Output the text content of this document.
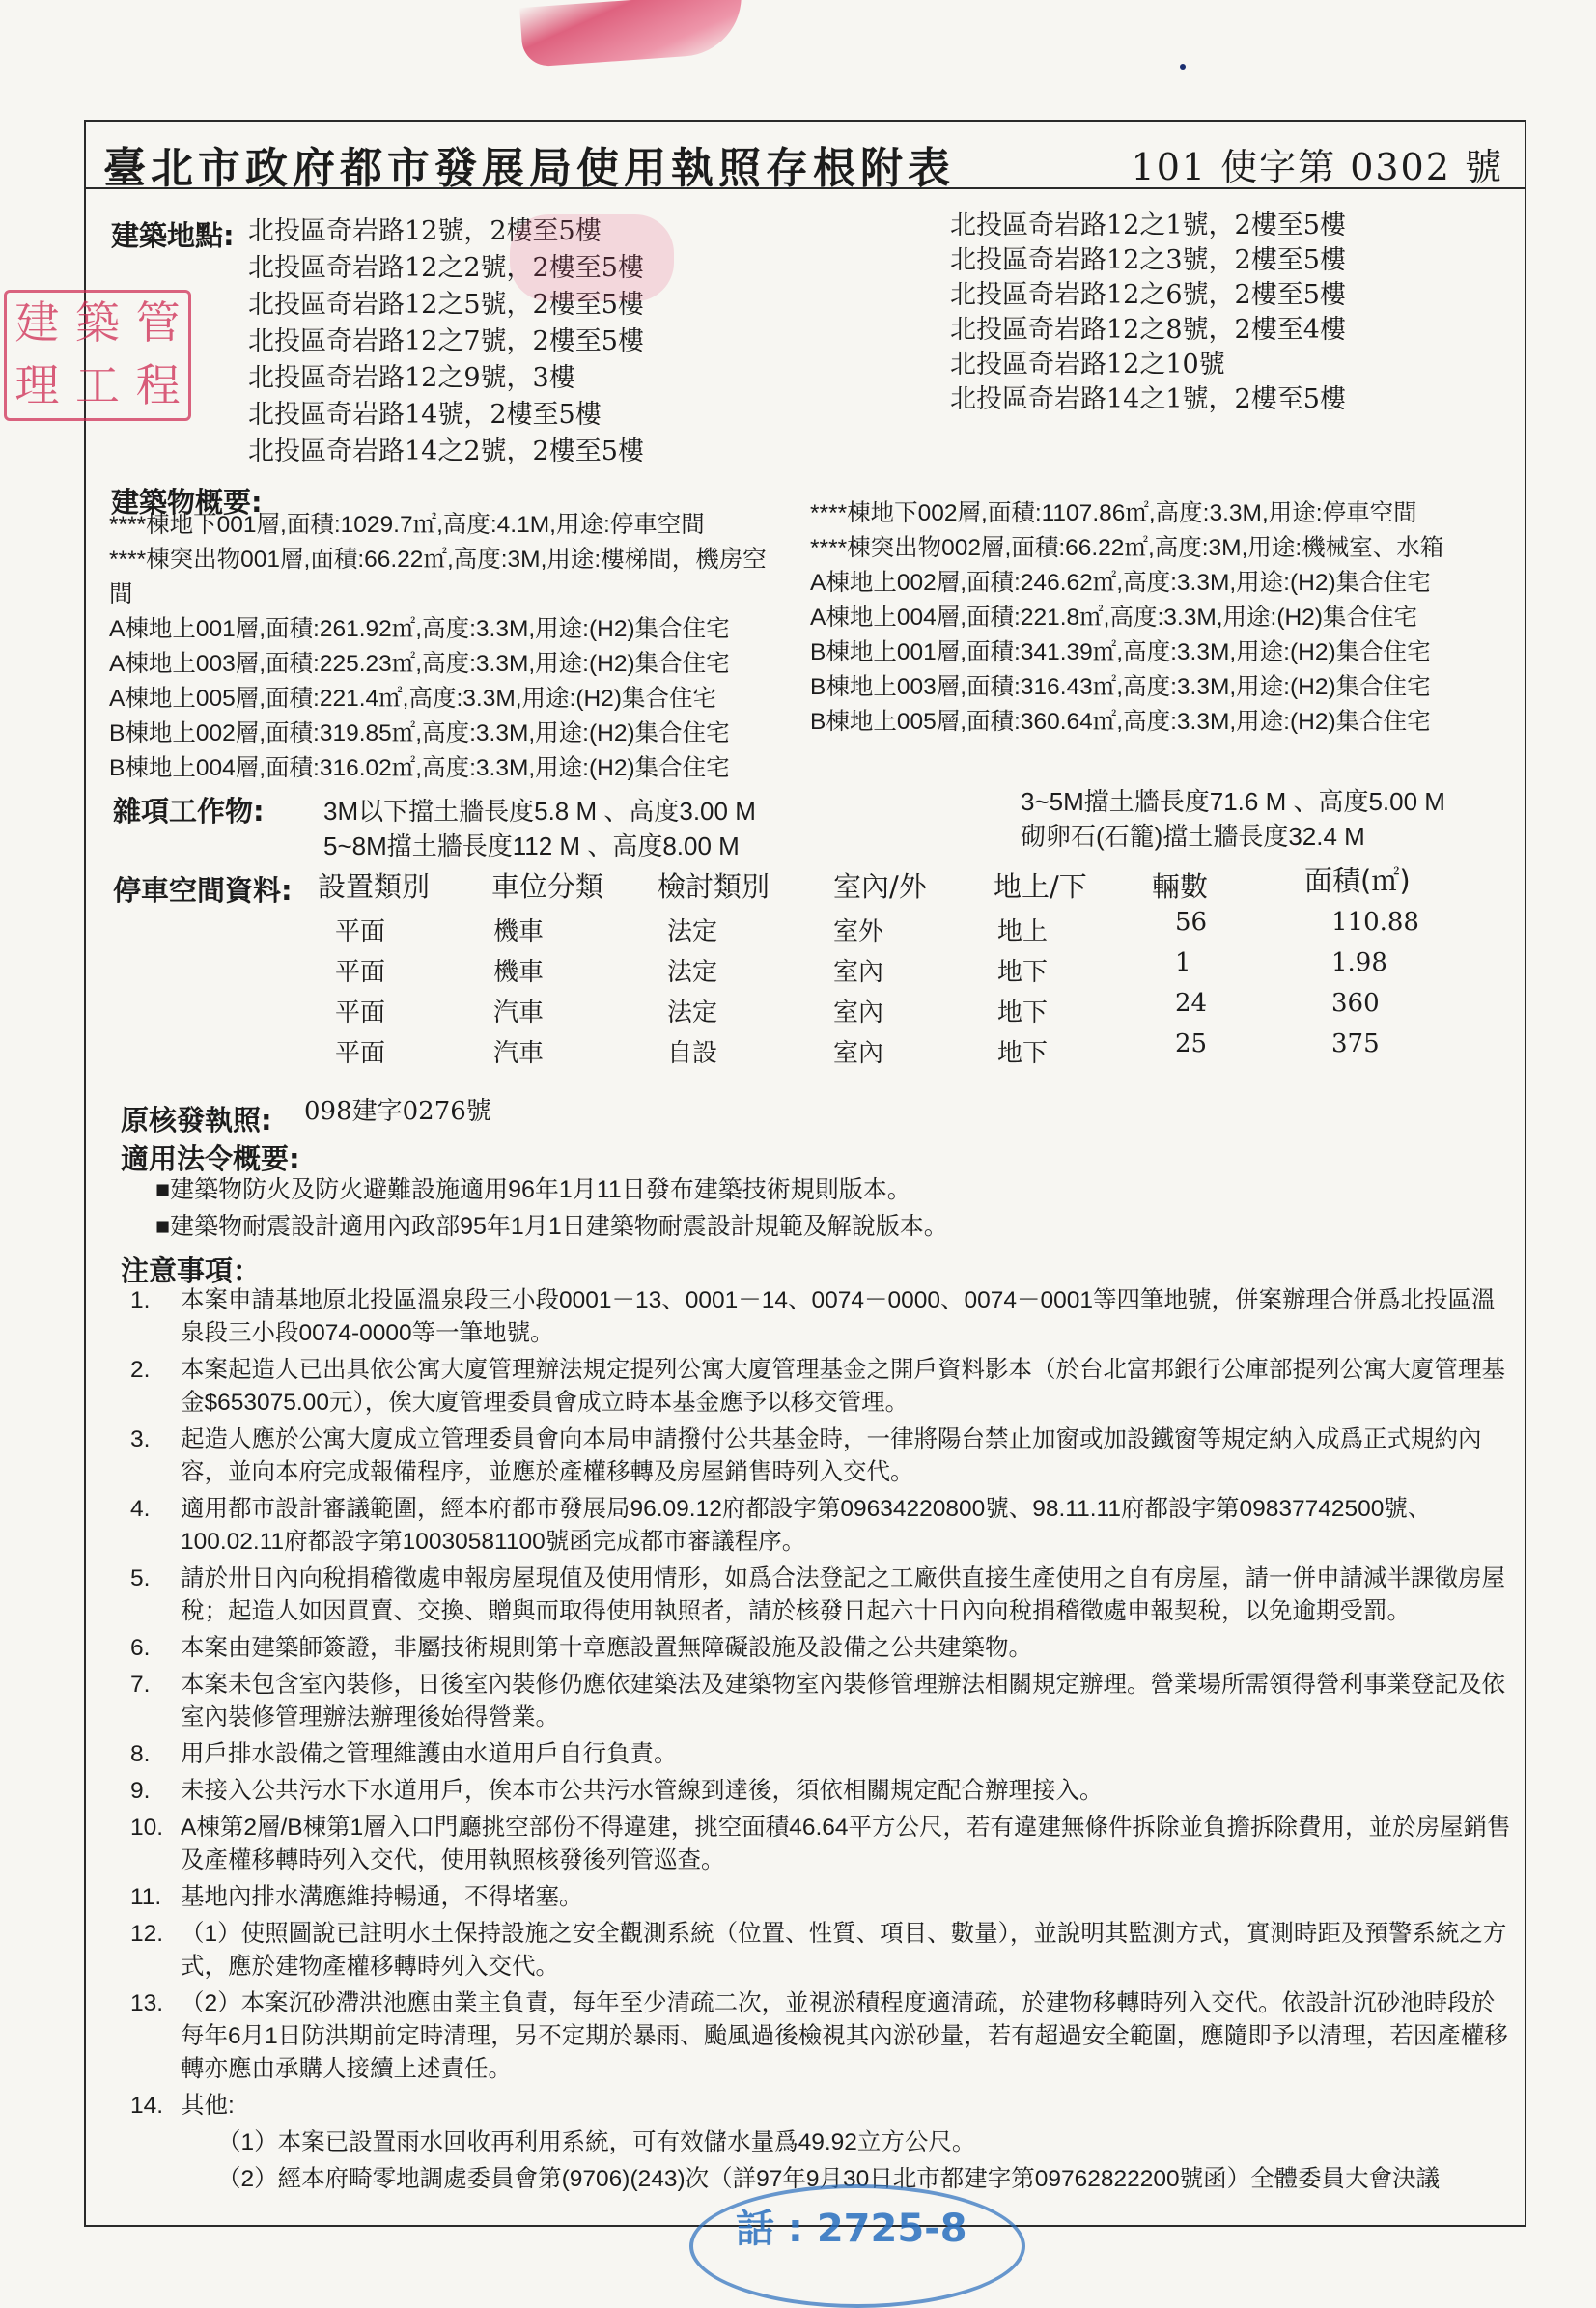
臺北市政府都市發展局使用執照存根附表	101 使字第 0302 號
建築地點: 北投區奇岩路12號，2樓至5樓
北投區奇岩路12之2號，2樓至5樓
北投區奇岩路12之5號，2樓至5樓
北投區奇岩路12之7號，2樓至5樓
北投區奇岩路12之9號，3樓
北投區奇岩路14號，2樓至5樓
北投區奇岩路14之2號，2樓至5樓
北投區奇岩路12之1號，2樓至5樓
北投區奇岩路12之3號，2樓至5樓
北投區奇岩路12之6號，2樓至5樓
北投區奇岩路12之8號，2樓至4樓
北投區奇岩路12之10號
北投區奇岩路14之1號，2樓至5樓
建築物概要:
****棟地下001層,面積:1029.7㎡,高度:4.1M,用途:停車空間
****棟突出物001層,面積:66.22㎡,高度:3M,用途:樓梯間，機房空間
A棟地上001層,面積:261.92㎡,高度:3.3M,用途:(H2)集合住宅
A棟地上003層,面積:225.23㎡,高度:3.3M,用途:(H2)集合住宅
A棟地上005層,面積:221.4㎡,高度:3.3M,用途:(H2)集合住宅
B棟地上002層,面積:319.85㎡,高度:3.3M,用途:(H2)集合住宅
B棟地上004層,面積:316.02㎡,高度:3.3M,用途:(H2)集合住宅
****棟地下002層,面積:1107.86㎡,高度:3.3M,用途:停車空間
****棟突出物002層,面積:66.22㎡,高度:3M,用途:機械室、水箱
A棟地上002層,面積:246.62㎡,高度:3.3M,用途:(H2)集合住宅
A棟地上004層,面積:221.8㎡,高度:3.3M,用途:(H2)集合住宅
B棟地上001層,面積:341.39㎡,高度:3.3M,用途:(H2)集合住宅
B棟地上003層,面積:316.43㎡,高度:3.3M,用途:(H2)集合住宅
B棟地上005層,面積:360.64㎡,高度:3.3M,用途:(H2)集合住宅
雜項工作物: 3M以下擋土牆長度5.8 M 、高度3.00 M
5~8M擋土牆長度112 M 、高度8.00 M
3~5M擋土牆長度71.6 M 、高度5.00 M
砌卵石(石籠)擋土牆長度32.4 M
停車空間資料: 設置類別 車位分類 檢討類別 室內/外 地上/下 輛數	面積(㎡)
平面	機車	法定	室外	地上	56	110.88
平面	機車	法定	室內	地下	1	1.98
平面	汽車	法定	室內	地下	24	360
平面	汽車	自設	室內	地下	25	375
原核發執照: 098建字0276號
適用法令概要:
■建築物防火及防火避難設施適用96年1月11日發布建築技術規則版本。
■建築物耐震設計適用內政部95年1月1日建築物耐震設計規範及解說版本。
注意事項：
1. 本案申請基地原北投區溫泉段三小段0001－13、0001－14、0074－0000、0074－0001等四筆地號，併案辦理合併爲北投區溫泉段三小段0074-0000等一筆地號。
2. 本案起造人已出具依公寓大廈管理辦法規定提列公寓大廈管理基金之開戶資料影本（於台北富邦銀行公庫部提列公寓大廈管理基金$653075.00元），俟大廈管理委員會成立時本基金應予以移交管理。
3. 起造人應於公寓大廈成立管理委員會向本局申請撥付公共基金時，一律將陽台禁止加窗或加設鐵窗等規定納入成爲正式規約內容，並向本府完成報備程序，並應於產權移轉及房屋銷售時列入交代。
4. 適用都市設計審議範圍，經本府都市發展局96.09.12府都設字第09634220800號、98.11.11府都設字第09837742500號、100.02.11府都設字第10030581100號函完成都市審議程序。
5. 請於卅日內向稅捐稽徵處申報房屋現值及使用情形，如爲合法登記之工廠供直接生產使用之自有房屋，請一併申請減半課徵房屋稅；起造人如因買賣、交換、贈與而取得使用執照者，請於核發日起六十日內向稅捐稽徵處申報契稅，以免逾期受罰。
6. 本案由建築師簽證，非屬技術規則第十章應設置無障礙設施及設備之公共建築物。
7. 本案未包含室內裝修，日後室內裝修仍應依建築法及建築物室內裝修管理辦法相關規定辦理。營業場所需領得營利事業登記及依室內裝修管理辦法辦理後始得營業。
8. 用戶排水設備之管理維護由水道用戶自行負責。
9. 未接入公共污水下水道用戶，俟本市公共污水管線到達後，須依相關規定配合辦理接入。
10. A棟第2層/B棟第1層入口門廳挑空部份不得違建，挑空面積46.64平方公尺，若有違建無條件拆除並負擔拆除費用，並於房屋銷售及產權移轉時列入交代，使用執照核發後列管巡查。
11. 基地內排水溝應維持暢通，不得堵塞。
12. （1）使照圖說已註明水土保持設施之安全觀測系統（位置、性質、項目、數量），並說明其監測方式，實測時距及預警系統之方式，應於建物產權移轉時列入交代。
13. （2）本案沉砂滯洪池應由業主負責，每年至少清疏二次，並視淤積程度適清疏，於建物移轉時列入交代。依設計沉砂池時段於每年6月1日防洪期前定時清理，另不定期於暴雨、颱風過後檢視其內淤砂量，若有超過安全範圍，應隨即予以清理，若因產權移轉亦應由承購人接續上述責任。
14. 其他:
（1）本案已設置雨水回收再利用系統，可有效儲水量爲49.92立方公尺。
（2）經本府畸零地調處委員會第(9706)(243)次（詳97年9月30日北市都建字第09762822200號函）全體委員大會決議
建 築 管
理 工 程
話 : 2725-8
